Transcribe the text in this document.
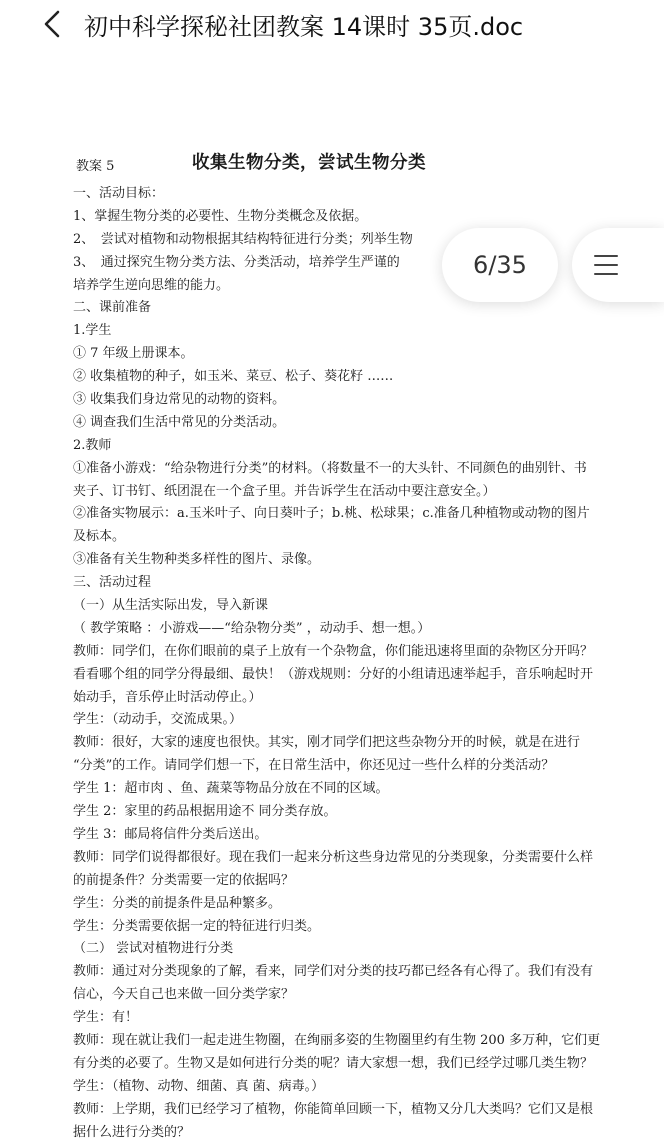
初中科学探秘社团教案 14课时 35页.doc
教案 5	收集生物分类，尝试生物分类
一、活动目标：
1、掌握生物分类的必要性、生物分类概念及依据。
2、　尝试对植物和动物根据其结构特征进行分类；列举生物
3、　通过探究生物分类方法、分类活动，培养学生严谨的
培养学生逆向思维的能力。
二、课前准备
1.学生
① 7 年级上册课本。
② 收集植物的种子，如玉米、菜豆、松子、葵花籽 ……
③ 收集我们身边常见的动物的资料。
④ 调查我们生活中常见的分类活动。
2.教师
①准备小游戏：“给杂物进行分类”的材料。（将数量不一的大头针、不同颜色的曲别针、书
夹子、订书钉、纸团混在一个盒子里。并告诉学生在活动中要注意安全。）
②准备实物展示：a.玉米叶子、向日葵叶子；b.桃、松球果；c.准备几种植物或动物的图片
及标本。
③准备有关生物种类多样性的图片、录像。
三、活动过程
（一）从生活实际出发，导入新课
（ 教学策略 ：小游戏——“给杂物分类” ，动动手、想一想。）
教师：同学们，在你们眼前的桌子上放有一个杂物盒，你们能迅速将里面的杂物区分开吗？
看看哪个组的同学分得最细、最快！（游戏规则：分好的小组请迅速举起手，音乐响起时开
始动手，音乐停止时活动停止。）
学生：（动动手，交流成果。）
教师：很好，大家的速度也很快。其实，刚才同学们把这些杂物分开的时候，就是在进行
“分类”的工作。请同学们想一下，在日常生活中，你还见过一些什么样的分类活动？
学生 1：超市肉 、鱼、蔬菜等物品分放在不同的区域。
学生 2：家里的药品根据用途不 同分类存放。
学生 3：邮局将信件分类后送出。
教师：同学们说得都很好。现在我们一起来分析这些身边常见的分类现象，分类需要什么样
的前提条件？分类需要一定的依据吗？
学生：分类的前提条件是品种繁多。
学生：分类需要依据一定的特征进行归类。
（二） 尝试对植物进行分类
教师：通过对分类现象的了解，看来，同学们对分类的技巧都已经各有心得了。我们有没有
信心，今天自己也来做一回分类学家？
学生：有！
教师：现在就让我们一起走进生物圈，在绚丽多姿的生物圈里约有生物 200 多万种，它们更
有分类的必要了。生物又是如何进行分类的呢？请大家想一想，我们已经学过哪几类生物？
学生：（植物、动物、细菌、真 菌、病毒。）
教师：上学期，我们已经学习了植物，你能简单回顾一下，植物又分几大类吗？它们又是根
据什么进行分类的？
6/35
